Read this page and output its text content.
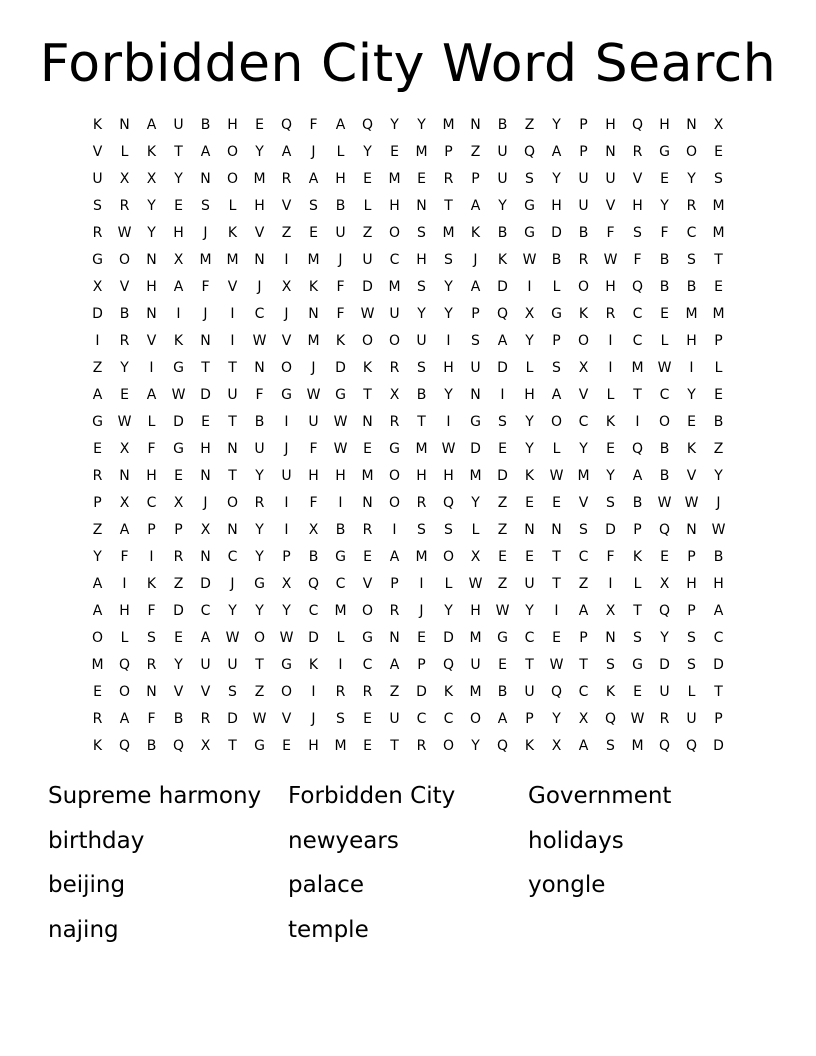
Forbidden City Word Search
K	N	A	U	B	H	E	Q	F	A	Q	Y	Y	M	N	B	Z	Y	P	H	Q	H	N	X
V	L	K	T	A	O	Y	A	J	L	Y	E	M	P	Z	U	Q	A	P	N	R	G	O	E
U	X	X	Y	N	O	M	R	A	H	E	M	E	R	P	U	S	Y	U	U	V	E	Y	S
S	R	Y	E	S	L	H	V	S	B	L	H	N	T	A	Y	G	H	U	V	H	Y	R	M
R	W	Y	H	J	K	V	Z	E	U	Z	O	S	M	K	B	G	D	B	F	S	F	C	M
G	O	N	X	M	M	N	I	M	J	U	C	H	S	J	K	W	B	R	W	F	B	S	T
X	V	H	A	F	V	J	X	K	F	D	M	S	Y	A	D	I	L	O	H	Q	B	B	E
D	B	N	I	J	I	C	J	N	F	W	U	Y	Y	P	Q	X	G	K	R	C	E	M	M
I	R	V	K	N	I	W	V	M	K	O	O	U	I	S	A	Y	P	O	I	C	L	H	P
Z	Y	I	G	T	T	N	O	J	D	K	R	S	H	U	D	L	S	X	I	M	W	I	L
A	E	A	W	D	U	F	G	W	G	T	X	B	Y	N	I	H	A	V	L	T	C	Y	E
G	W	L	D	E	T	B	I	U	W	N	R	T	I	G	S	Y	O	C	K	I	O	E	B
E	X	F	G	H	N	U	J	F	W	E	G	M	W	D	E	Y	L	Y	E	Q	B	K	Z
R	N	H	E	N	T	Y	U	H	H	M	O	H	H	M	D	K	W	M	Y	A	B	V	Y
P	X	C	X	J	O	R	I	F	I	N	O	R	Q	Y	Z	E	E	V	S	B	W W	J
Z	A	P	P	X	N	Y	I	X	B	R	I	S	S	L	Z	N	N	S	D	P	Q	N	W
Y	F	I	R	N	C	Y	P	B	G	E	A	M	O	X	E	E	T	C	F	K	E	P	B
A	I	K	Z	D	J	G	X	Q	C	V	P	I	L	W	Z	U	T	Z	I	L	X	H	H
A	H	F	D	C	Y	Y	Y	C	M	O	R	J	Y	H	W	Y	I	A	X	T	Q	P	A
O	L	S	E	A	W	O	W	D	L	G	N	E	D	M	G	C	E	P	N	S	Y	S	C
M	Q	R	Y	U	U	T	G	K	I	C	A	P	Q	U	E	T	W	T	S	G	D	S	D
E	O	N	V	V	S	Z	O	I	R	R	Z	D	K	M	B	U	Q	C	K	E	U	L	T
R	A	F	B	R	D	W	V	J	S	E	U	C	C	O	A	P	Y	X	Q	W	R	U	P
K	Q	B	Q	X	T	G	E	H	M	E	T	R	O	Y	Q	K	X	A	S	M	Q	Q	D
Supreme harmony	Forbidden City	Government
birthday	newyears	holidays
beijing	palace	yongle
najing	temple
